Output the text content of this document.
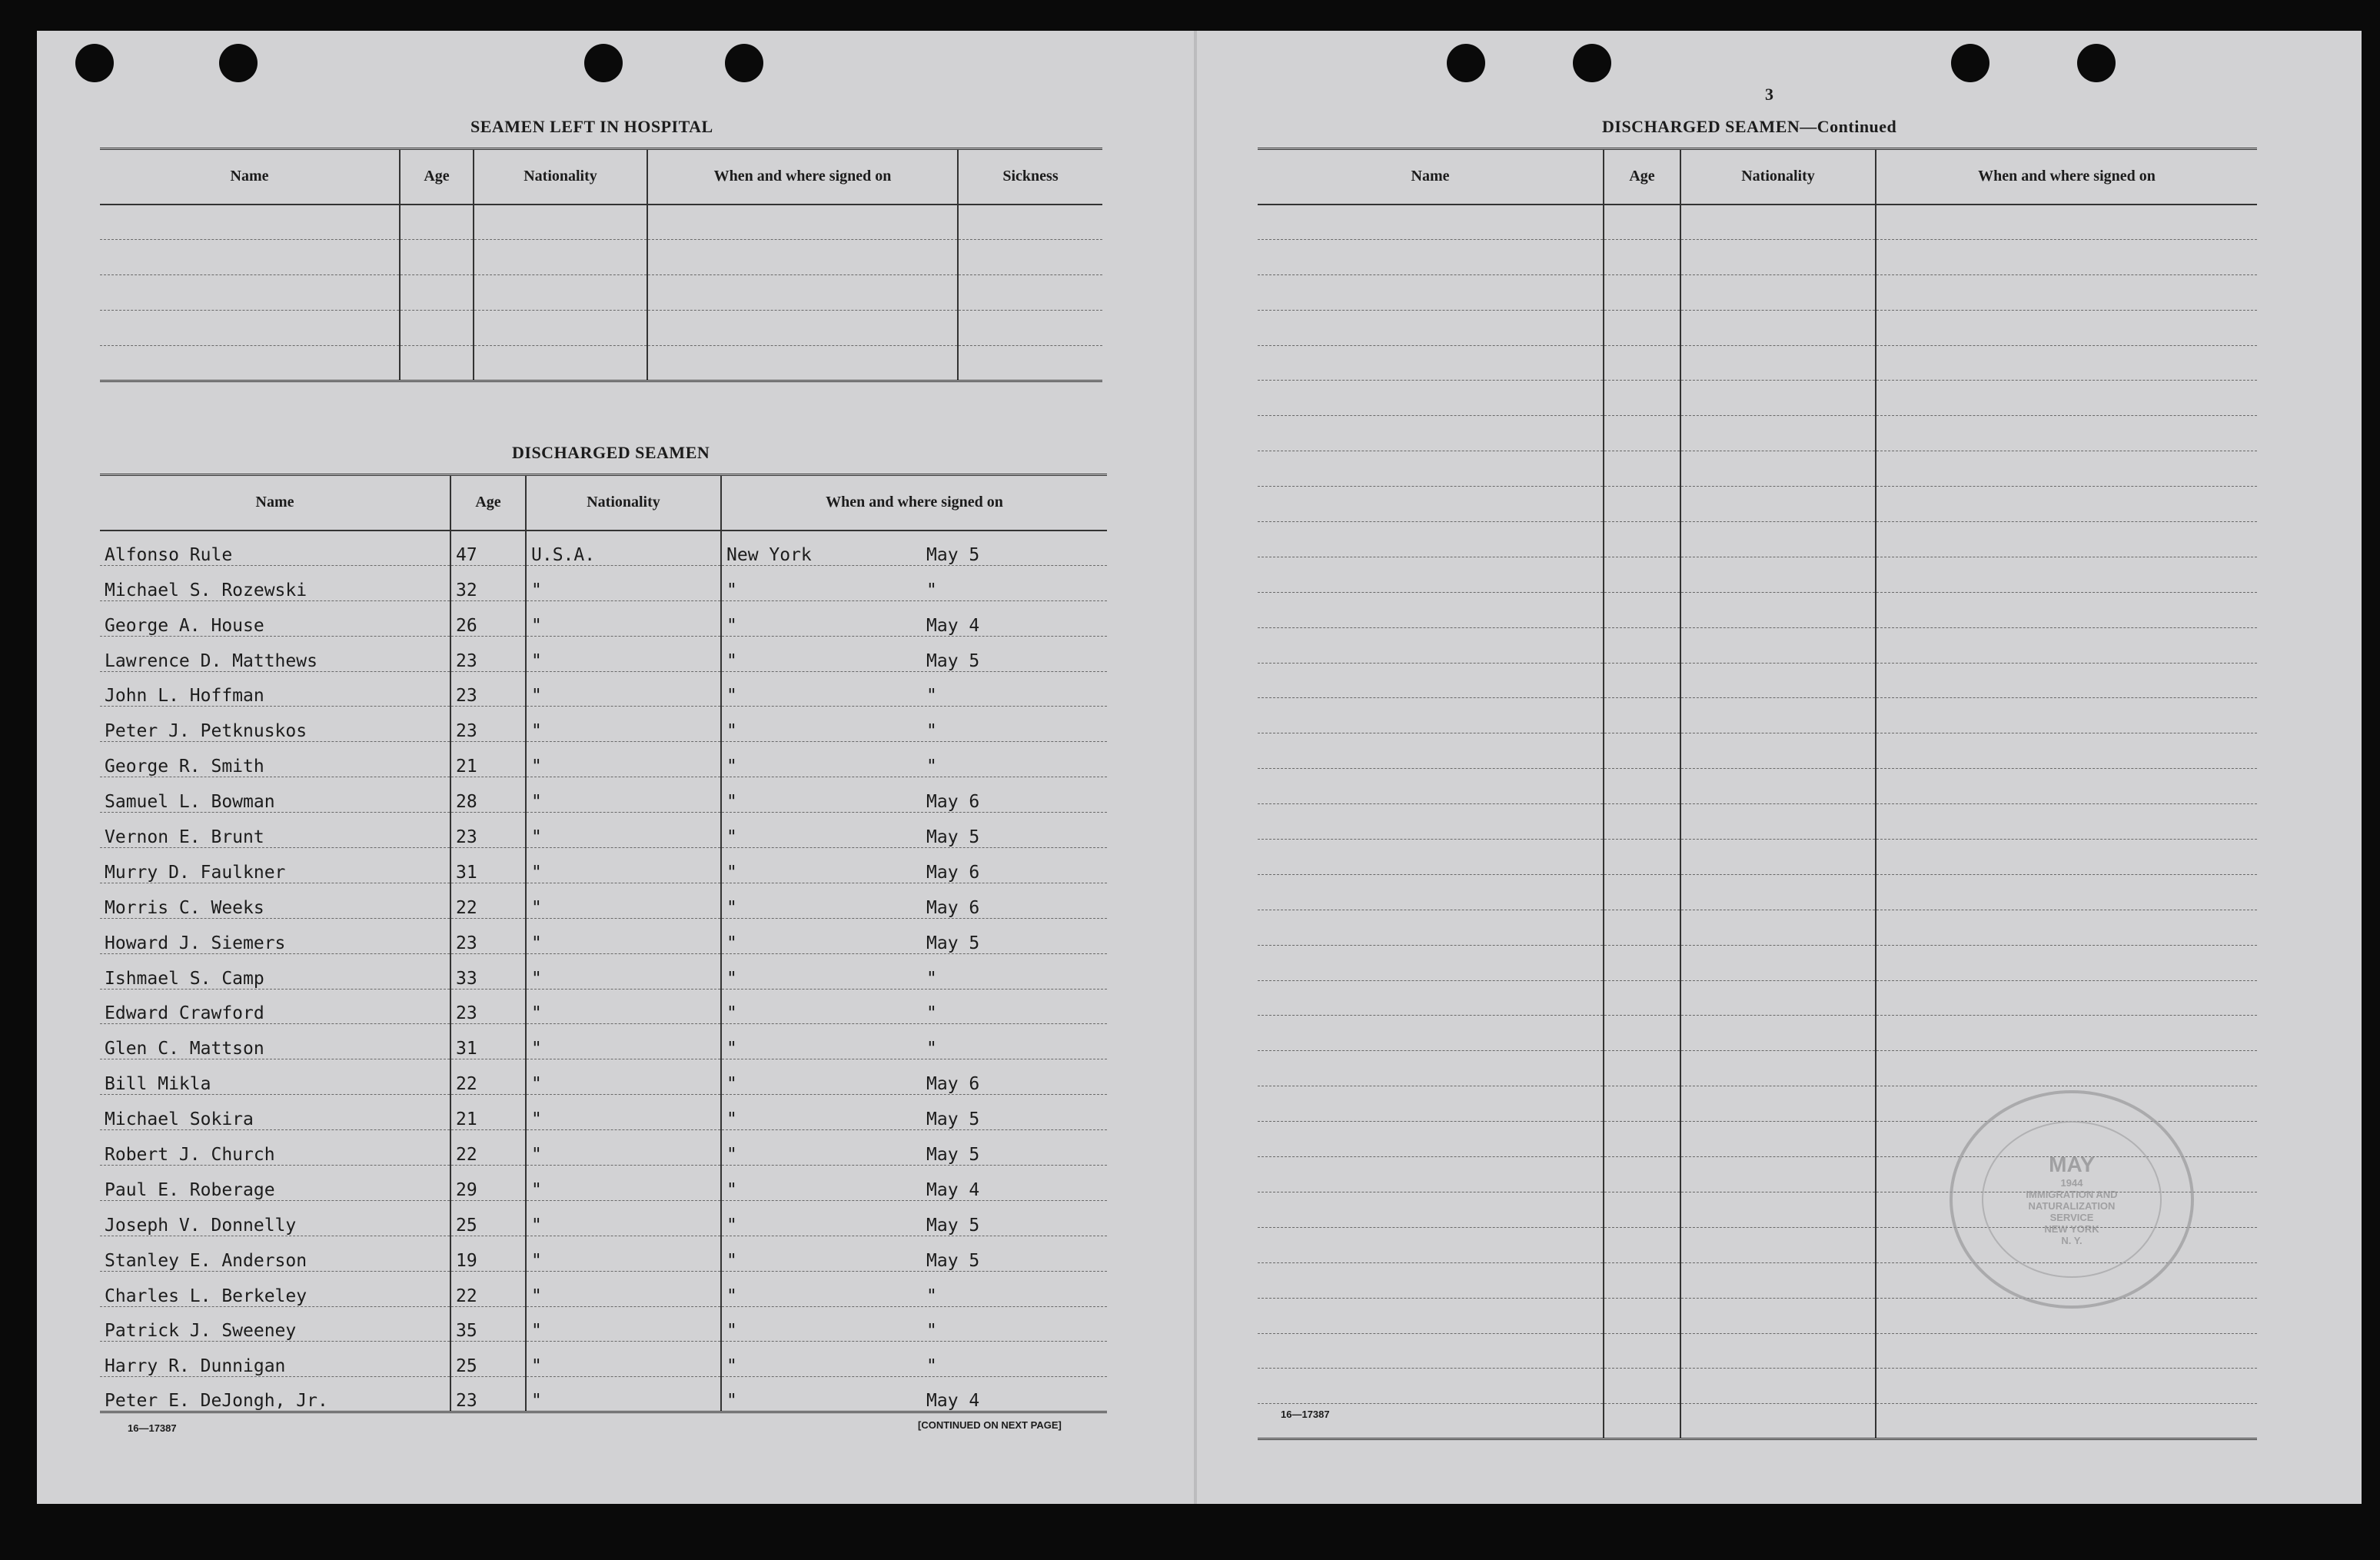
SEAMEN LEFT IN HOSPITAL
Name	Age	Nationality	When and where signed on	Sickness

DISCHARGED SEAMEN
Name	Age	Nationality	When and where signed on
Alfonso Rule	47	U.S.A.	New York May 5
Michael S. Rozewski	32	"	" "
George A. House	26	"	" May 4
Lawrence D. Matthews	23	"	" May 5
John L. Hoffman	23	"	" "
Peter J. Petknuskos	23	"	" "
George R. Smith	21	"	" "
Samuel L. Bowman	28	"	" May 6
Vernon E. Brunt	23	"	" May 5
Murry D. Faulkner	31	"	" May 6
Morris C. Weeks	22	"	" May 6
Howard J. Siemers	23	"	" May 5
Ishmael S. Camp	33	"	" "
Edward Crawford	23	"	" "
Glen C. Mattson	31	"	" "
Bill Mikla	22	"	" May 6
Michael Sokira	21	"	" May 5
Robert J. Church	22	"	" May 5
Paul E. Roberage	29	"	" May 4
Joseph V. Donnelly	25	"	" May 5
Stanley E. Anderson	19	"	" May 5
Charles L. Berkeley	22	"	" "
Patrick J. Sweeney	35	"	" "
Harry R. Dunnigan	25	"	" "
Peter E. DeJongh, Jr.	23	"	" May 4
16—17387	[CONTINUED ON NEXT PAGE]
3
DISCHARGED SEAMEN—Continued
Name	Age	Nationality	When and where signed on

16—17387
MAY
1944
IMMIGRATION AND
NATURALIZATION
SERVICE
NEW YORK
N. Y.
